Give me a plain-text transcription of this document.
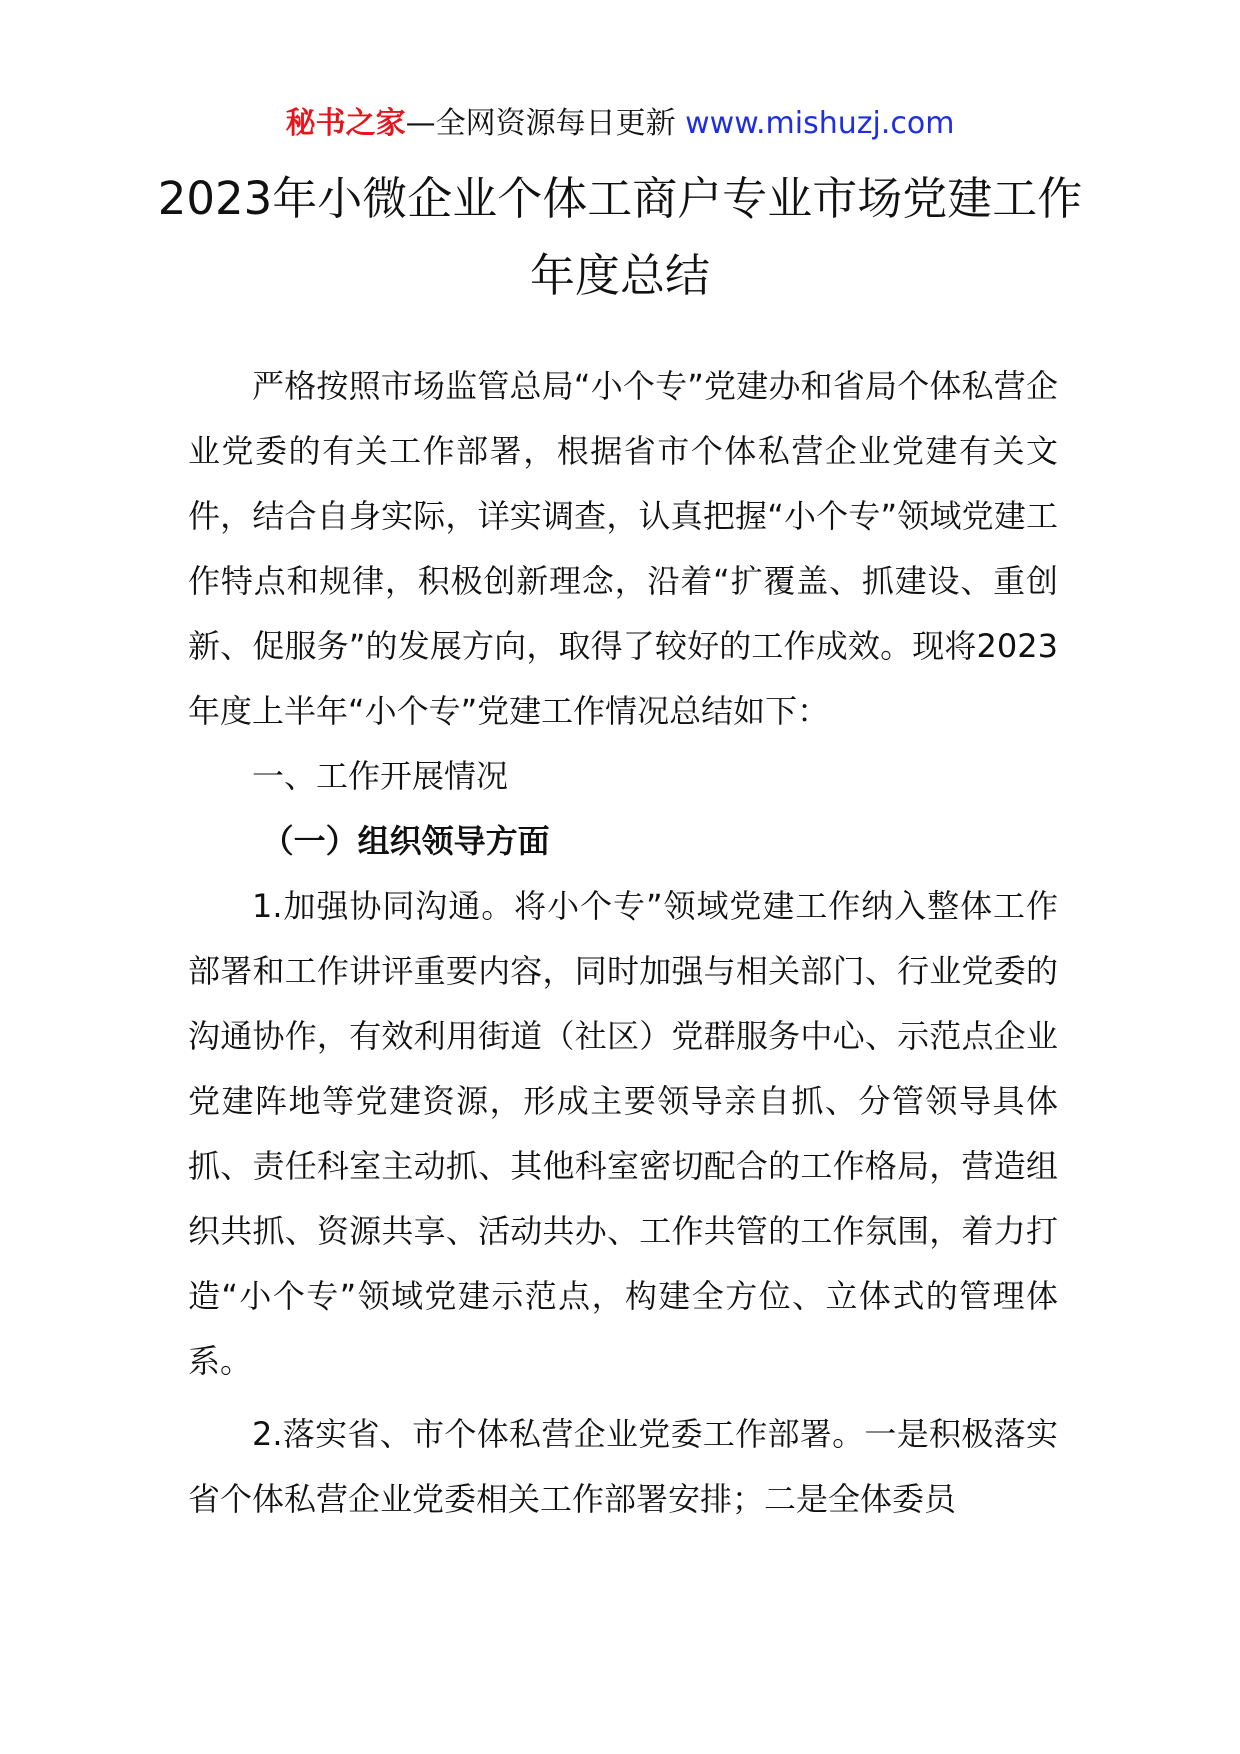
秘书之家—全网资源每日更新 www.mishuzj.com
2023年小微企业个体工商户专业市场党建工作年度总结

严格按照市场监管总局“小个专”党建办和省局个体私营企业党委的有关工作部署，根据省市个体私营企业党建有关文件，结合自身实际，详实调查，认真把握“小个专”领域党建工作特点和规律，积极创新理念，沿着“扩覆盖、抓建设、重创新、促服务”的发展方向，取得了较好的工作成效。现将2023年度上半年“小个专”党建工作情况总结如下：

一、工作开展情况

（一）组织领导方面

1.加强协同沟通。将小个专”领域党建工作纳入整体工作部署和工作讲评重要内容，同时加强与相关部门、行业党委的沟通协作，有效利用街道（社区）党群服务中心、示范点企业党建阵地等党建资源，形成主要领导亲自抓、分管领导具体抓、责任科室主动抓、其他科室密切配合的工作格局，营造组织共抓、资源共享、活动共办、工作共管的工作氛围，着力打造“小个专”领域党建示范点，构建全方位、立体式的管理体系。

2.落实省、市个体私营企业党委工作部署。一是积极落实省个体私营企业党委相关工作部署安排；二是全体委员
